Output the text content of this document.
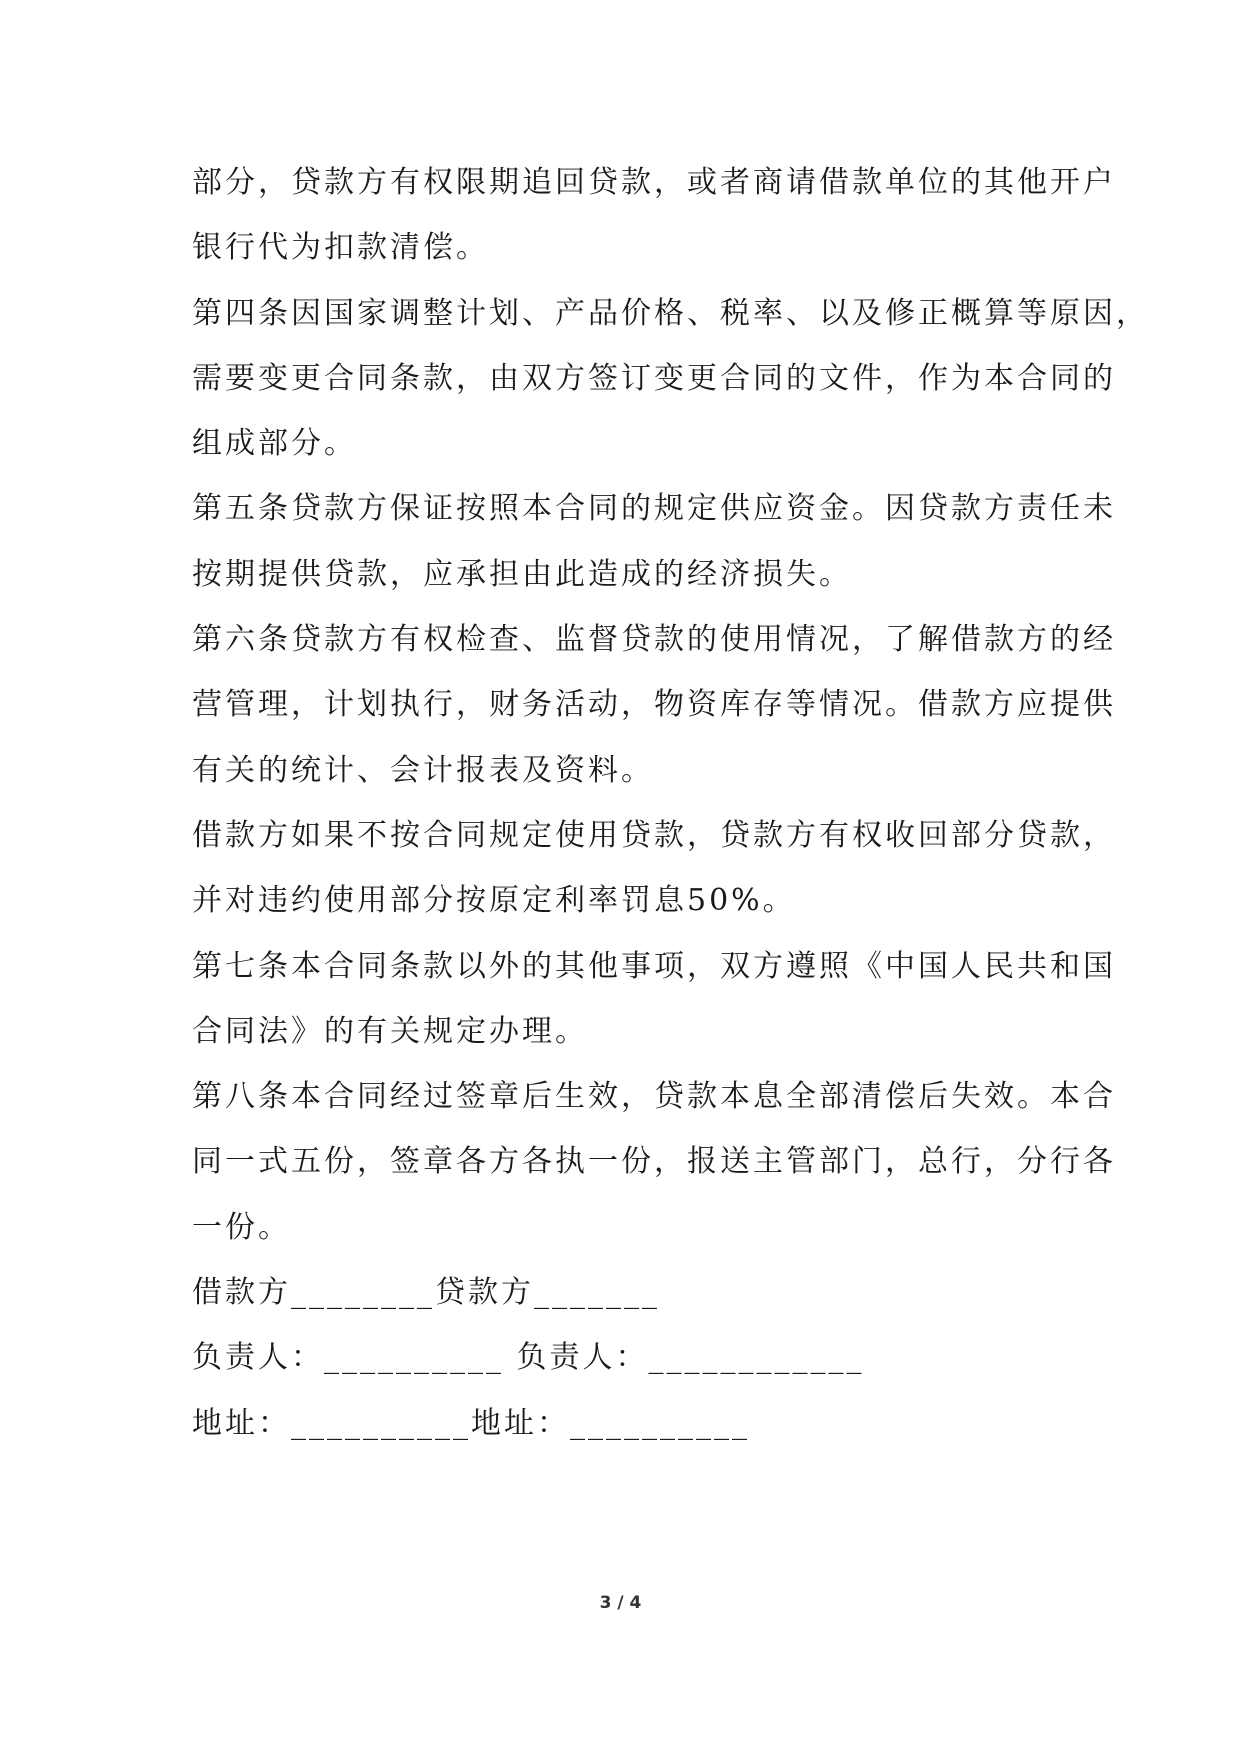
部分，贷款方有权限期追回贷款，或者商请借款单位的其他开户
银行代为扣款清偿。
第四条因国家调整计划、产品价格、税率、以及修正概算等原因，
需要变更合同条款，由双方签订变更合同的文件，作为本合同的
组成部分。
第五条贷款方保证按照本合同的规定供应资金。因贷款方责任未
按期提供贷款，应承担由此造成的经济损失。
第六条贷款方有权检查、监督贷款的使用情况，了解借款方的经
营管理，计划执行，财务活动，物资库存等情况。借款方应提供
有关的统计、会计报表及资料。
借款方如果不按合同规定使用贷款，贷款方有权收回部分贷款，
并对违约使用部分按原定利率罚息50%。
第七条本合同条款以外的其他事项，双方遵照《中国人民共和国
合同法》的有关规定办理。
第八条本合同经过签章后生效，贷款本息全部清偿后失效。本合
同一式五份，签章各方各执一份，报送主管部门，总行，分行各
一份。
借款方________贷款方_______
负责人：__________ 负责人：____________
地址：__________地址：__________
3 / 4
